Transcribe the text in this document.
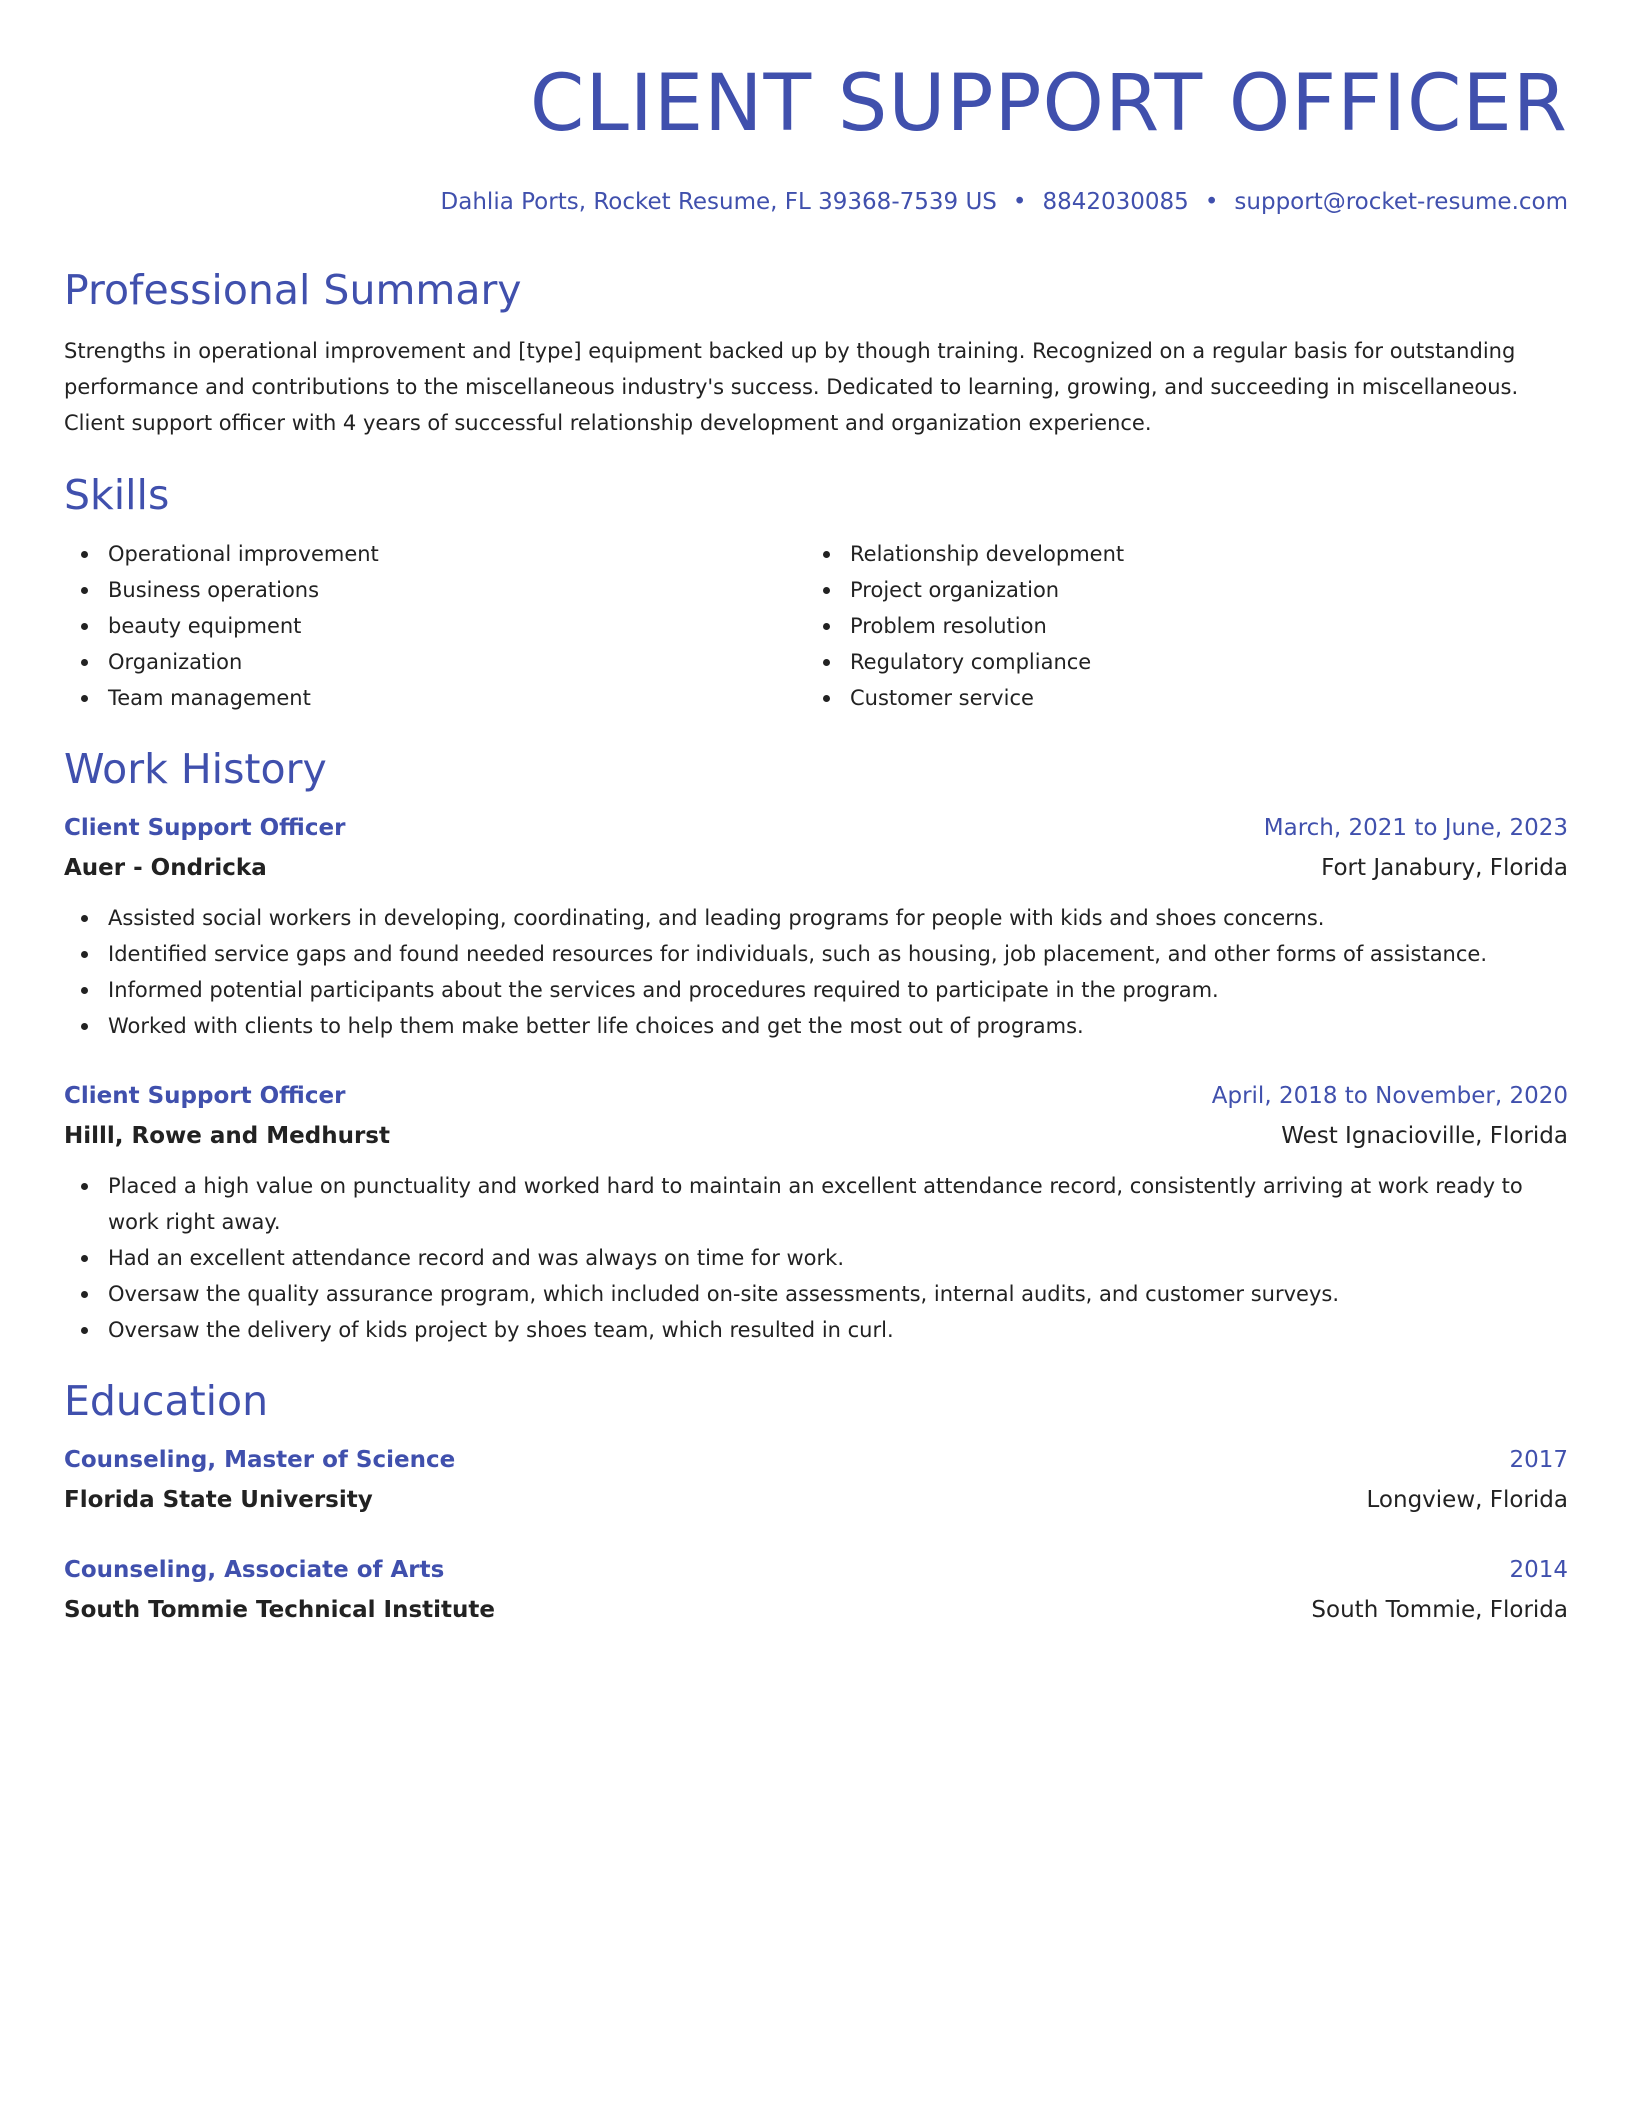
CLIENT SUPPORT OFFICER
Dahlia Ports, Rocket Resume, FL 39368-7539 US • 8842030085 • support@rocket-resume.com
Professional Summary
Strengths in operational improvement and [type] equipment backed up by though training. Recognized on a regular basis for outstanding performance and contributions to the miscellaneous industry's success. Dedicated to learning, growing, and succeeding in miscellaneous. Client support officer with 4 years of successful relationship development and organization experience.
Skills
Operational improvement
Business operations
beauty equipment
Organization
Team management
Relationship development
Project organization
Problem resolution
Regulatory compliance
Customer service
Work History
Client Support Officer	March, 2021 to June, 2023
Auer - Ondricka	Fort Janabury, Florida
Assisted social workers in developing, coordinating, and leading programs for people with kids and shoes concerns.
Identified service gaps and found needed resources for individuals, such as housing, job placement, and other forms of assistance.
Informed potential participants about the services and procedures required to participate in the program.
Worked with clients to help them make better life choices and get the most out of programs.
Client Support Officer	April, 2018 to November, 2020
Hilll, Rowe and Medhurst	West Ignacioville, Florida
Placed a high value on punctuality and worked hard to maintain an excellent attendance record, consistently arriving at work ready to work right away.
Had an excellent attendance record and was always on time for work.
Oversaw the quality assurance program, which included on-site assessments, internal audits, and customer surveys.
Oversaw the delivery of kids project by shoes team, which resulted in curl.
Education
Counseling, Master of Science	2017
Florida State University	Longview, Florida
Counseling, Associate of Arts	2014
South Tommie Technical Institute	South Tommie, Florida
